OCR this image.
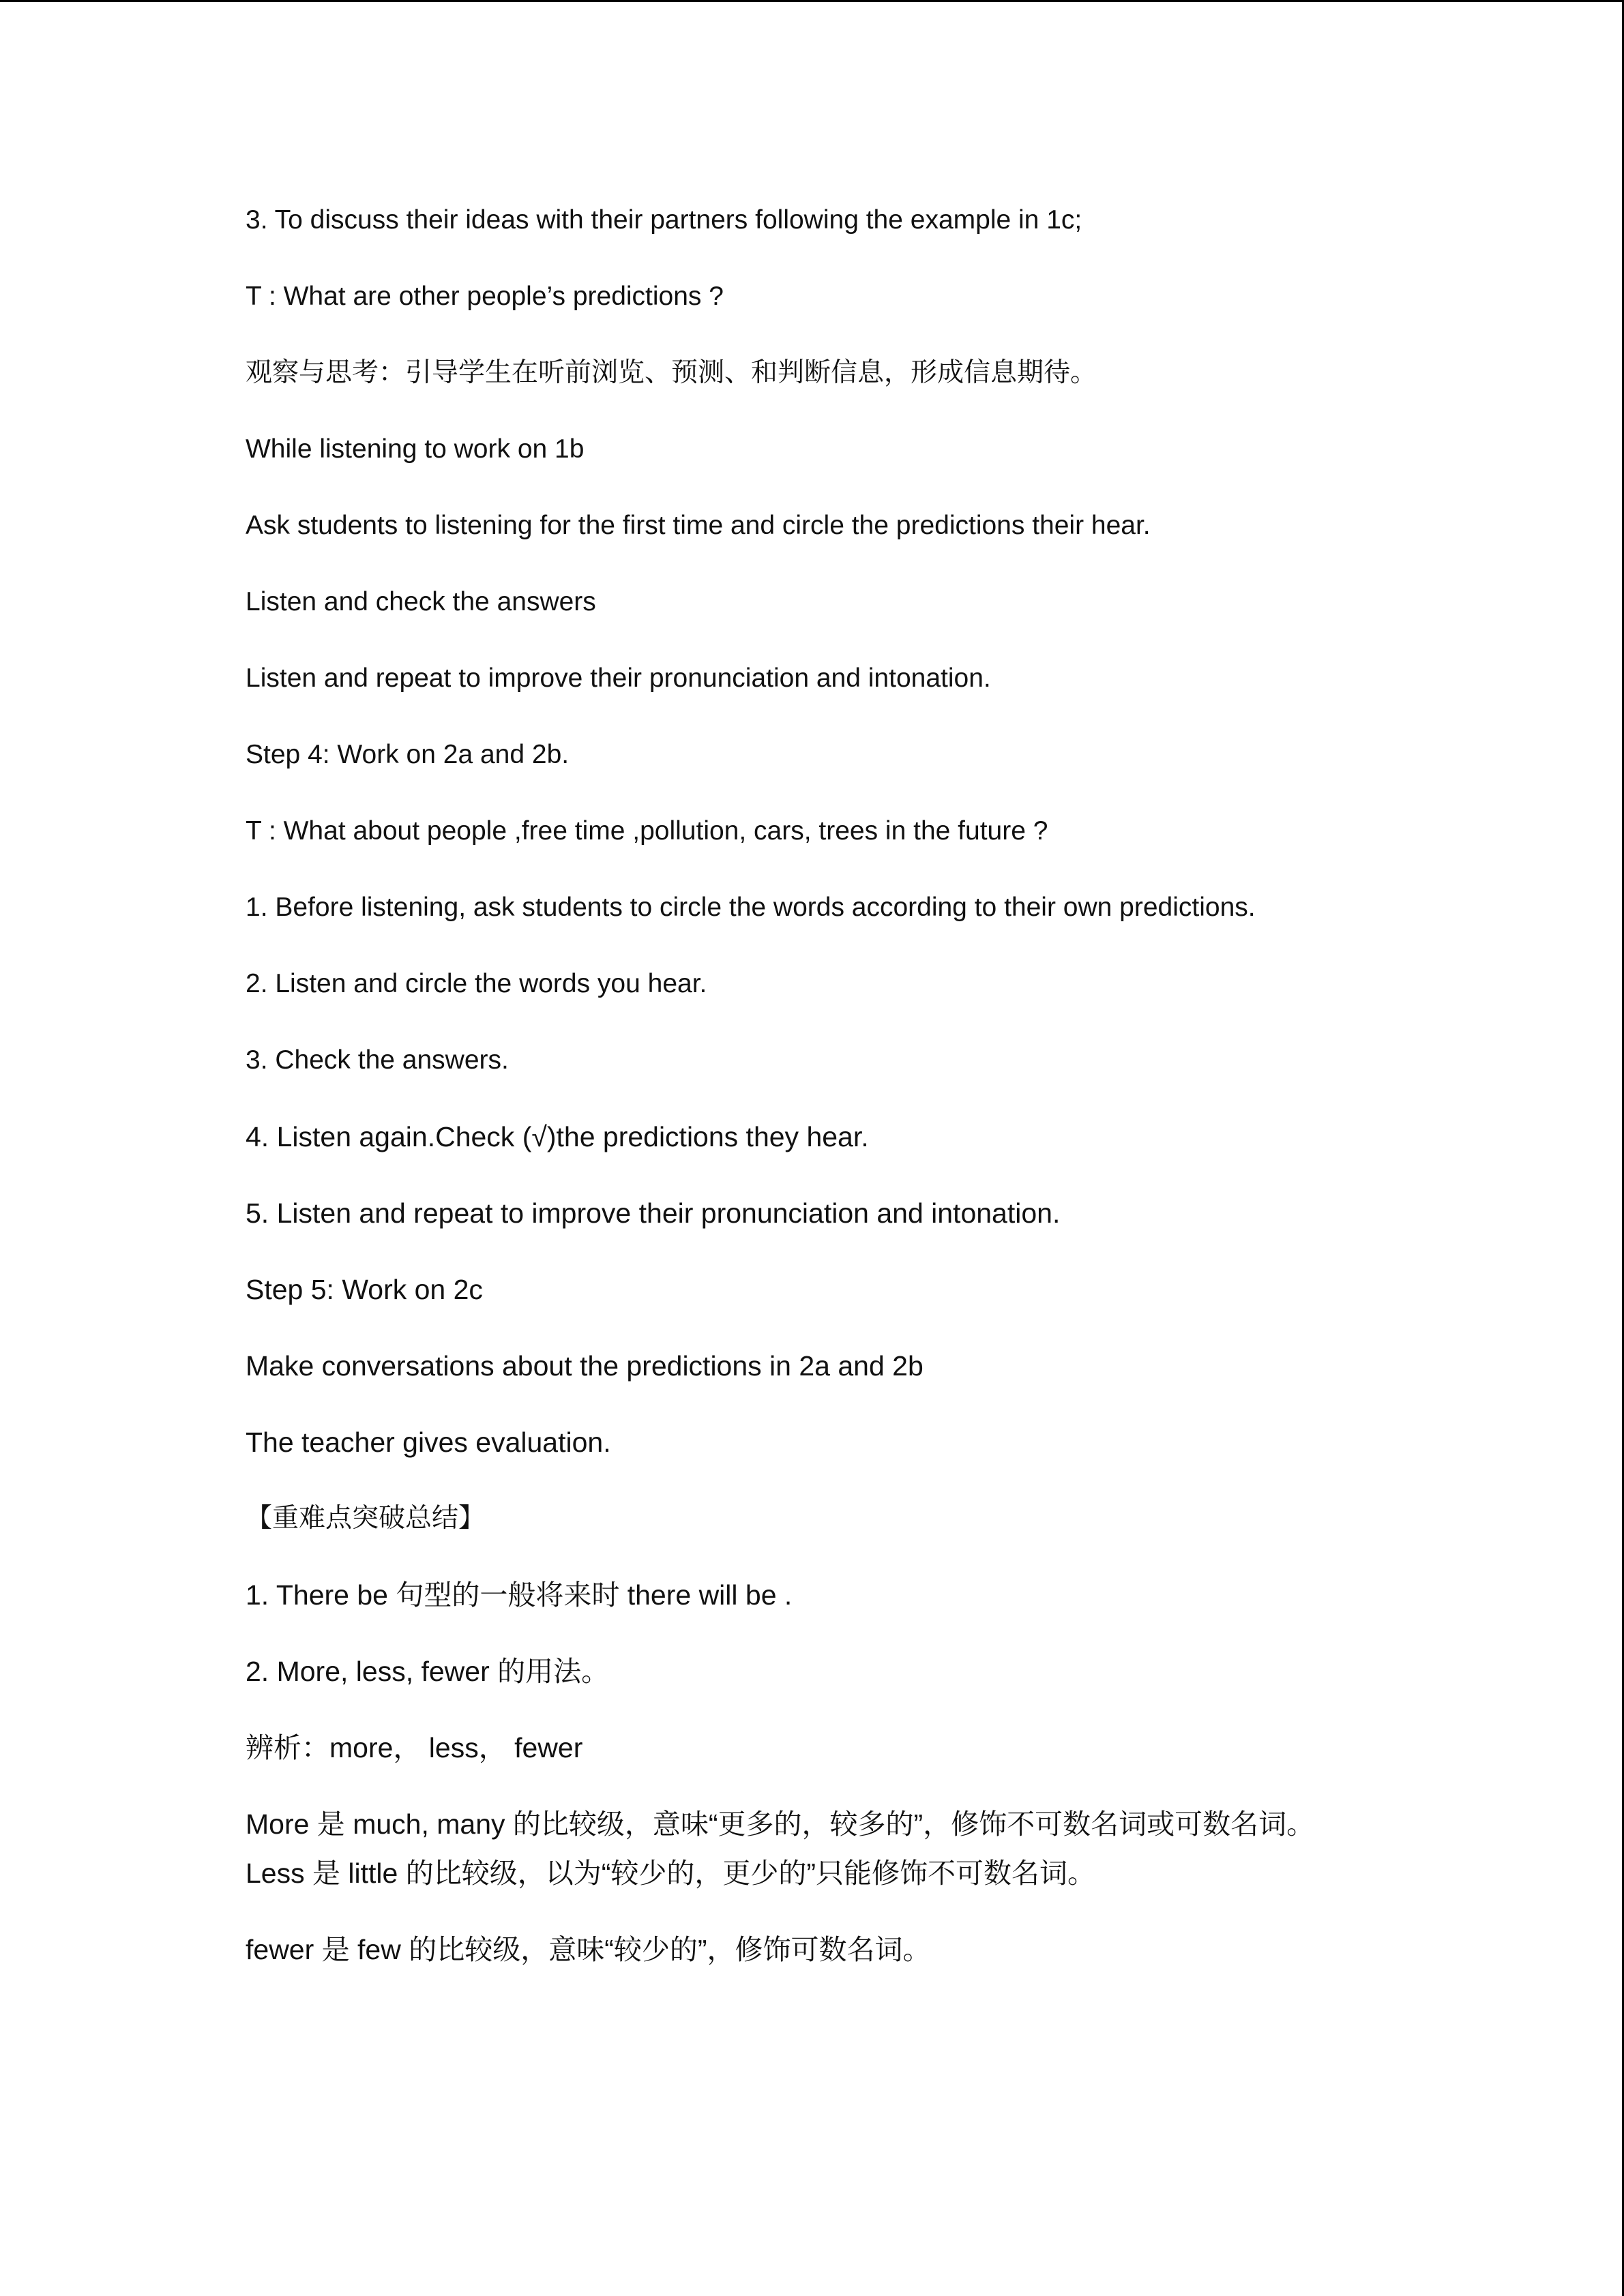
3. To discuss their ideas with their partners following the example in 1c;
T : What are other people’s predictions ?
观察与思考：引导学生在听前浏览、预测、和判断信息，形成信息期待。
While listening to work on 1b
Ask students to listening for the first time and circle the predictions their hear.
Listen and check the answers
Listen and repeat to improve their pronunciation and intonation.
Step 4: Work on 2a and 2b.
T : What about people ,free time ,pollution, cars, trees in the future ?
1. Before listening, ask students to circle the words according to their own predictions.
2. Listen and circle the words you hear.
3. Check the answers.
4. Listen again.Check (√)the predictions they hear.
5. Listen and repeat to improve their pronunciation and intonation.
Step 5: Work on 2c
Make conversations about the predictions in 2a and 2b
The teacher gives evaluation.
【重难点突破总结】
1. There be 句型的一般将来时 there will be .
2. More, less, fewer 的用法。
辨析：more， less， fewer
More 是 much, many 的比较级，意味“更多的，较多的”，修饰不可数名词或可数名词。
Less 是 little 的比较级，以为“较少的，更少的”只能修饰不可数名词。
fewer 是 few 的比较级，意味“较少的”，修饰可数名词。
